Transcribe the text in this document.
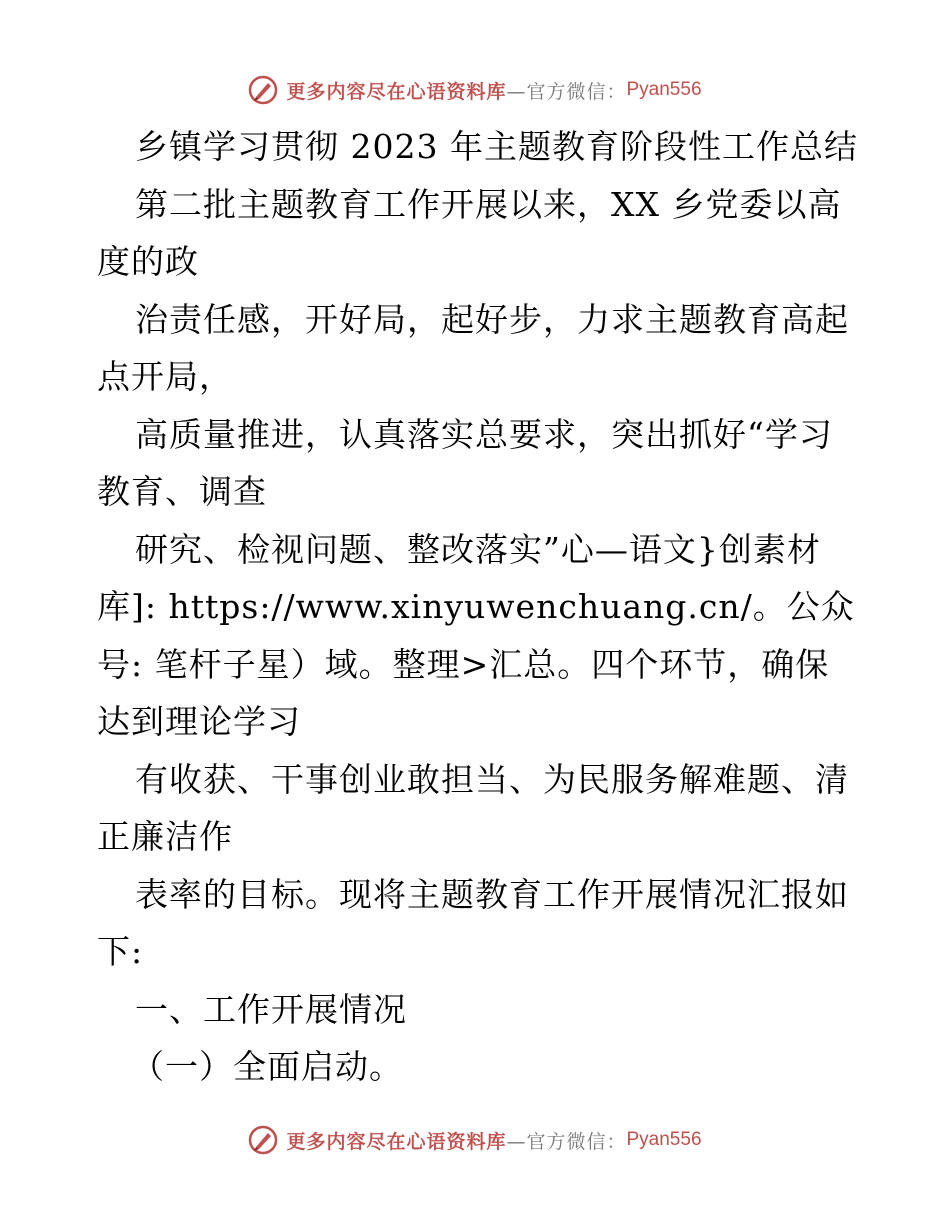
更多内容尽在心语资料库 —官方微信： Pyan556
乡镇学习贯彻 2023 年主题教育阶段性工作总结
第二批主题教育工作开展以来，XX 乡党委以高
度的政
治责任感，开好局，起好步，力求主题教育高起
点开局，
高质量推进，认真落实总要求，突出抓好“学习
教育、调查
研究、检视问题、整改落实”心—语文}创素材
库]: https://www.xinyuwenchuang.cn/。公众
号: 笔杆子星）域。整理>汇总。四个环节，确保
达到理论学习
有收获、干事创业敢担当、为民服务解难题、清
正廉洁作
表率的目标。现将主题教育工作开展情况汇报如
下:
一、工作开展情况
（一）全面启动。
更多内容尽在心语资料库 —官方微信： Pyan556
